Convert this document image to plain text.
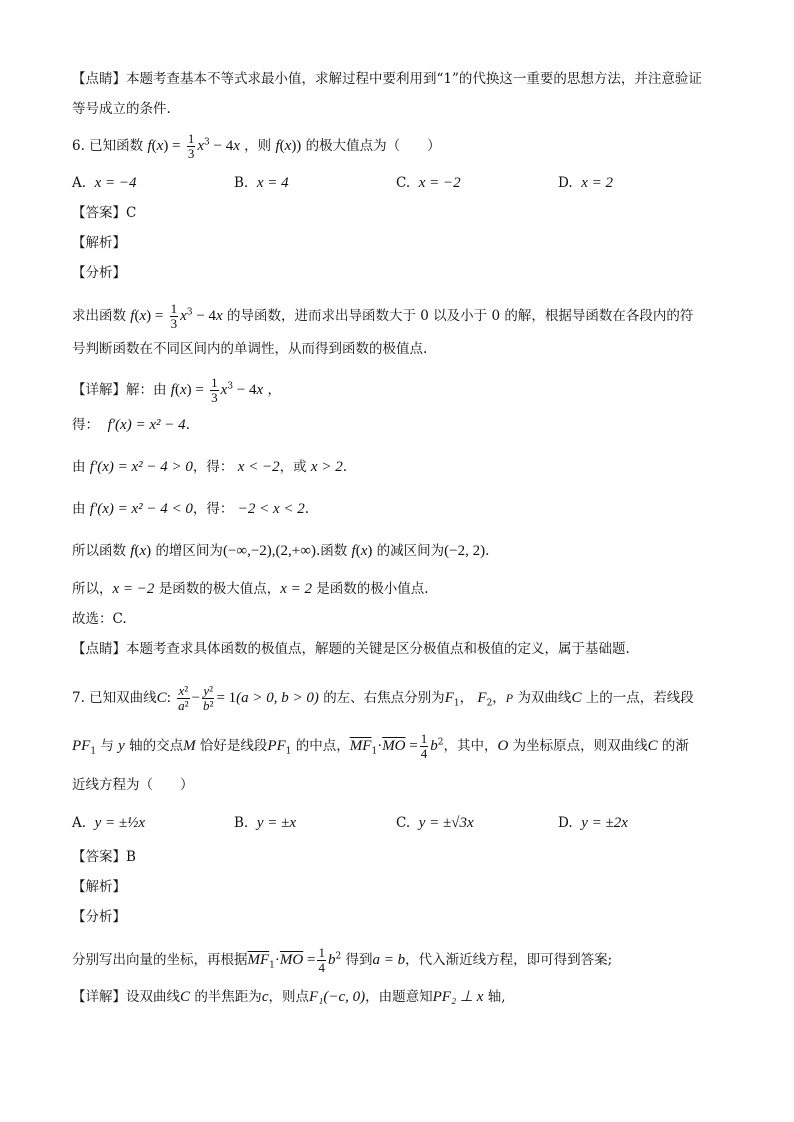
【点睛】本题考查基本不等式求最小值，求解过程中要利用到“1”的代换这一重要的思想方法，并注意验证
等号成立的条件.
6. 已知函数 $f(x) = \frac{1}{3} x^3 - 4x$ ，则 f(x)) 的极大值点为（　　）
A. x = −4	B. x = 4	C. x = −2	D. x = 2
【答案】C
【解析】
【分析】
求出函数 $f(x) = \frac{1}{3} x^3 - 4x$ 的导函数，进而求出导函数大于 0 以及小于 0 的解，根据导函数在各段内的符
号判断函数在不同区间内的单调性，从而得到函数的极值点.
【详解】解：由 $f(x) = \frac{1}{3} x^3 - 4x$ ，
得： f′(x) = x² − 4.
由 f′(x) = x² − 4 > 0，得： x < −2，或 x > 2.
由 f′(x) = x² − 4 < 0，得： −2 < x < 2.
所以函数 f(x) 的增区间为(−∞,−2),(2,+∞).函数 f(x) 的减区间为(−2, 2).
所以，x = −2 是函数的极大值点，x = 2 是函数的极小值点.
故选：C.
【点睛】本题考查求具体函数的极值点，解题的关键是区分极值点和极值的定义，属于基础题.
7. 已知双曲线C: $\frac{\text{x²}}{\text{a²}} - \frac{\text{y²}}{\text{b²}} = 1(a > 0$, b > 0) 的左、右焦点分别为$F_1$， $F_2$，P 为双曲线C 上的一点，若线段
$PF_1$ 与 y 轴的交点M 恰好是线段$PF_1$ 的中点，$\overline{MF}_1\cdot\overline{MO} = \frac{1}{4} b^2$，其中，O 为坐标原点，则双曲线C 的渐
近线方程为（　　）
A. y = ±½x	B. y = ±x	C. y = ±√3x	D. y = ±2x
【答案】B
【解析】
【分析】
分别写出向量的坐标，再根据$\overline{MF}_1\cdot\overline{MO} = \frac{1}{4} b^2$ 得到a = b，代入渐近线方程，即可得到答案;
【详解】设双曲线C 的半焦距为c，则点F₁(−c, 0)，由题意知PF₂ ⊥ x 轴,
